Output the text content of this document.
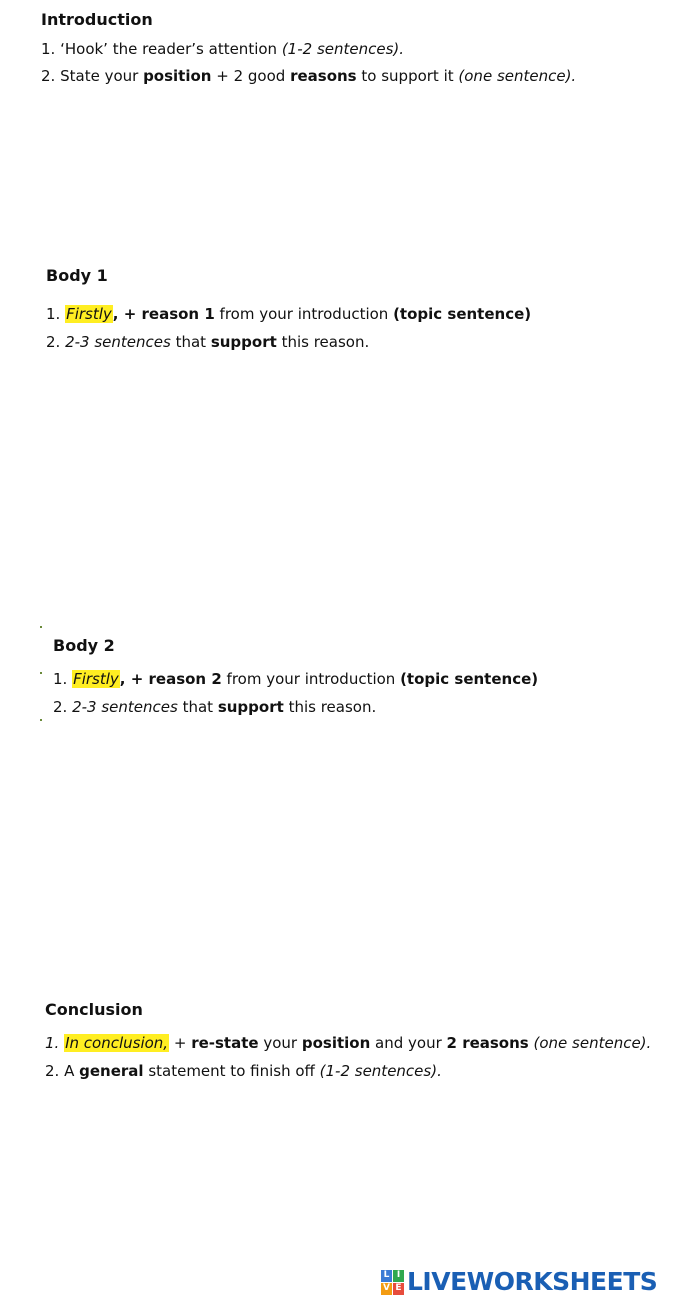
Introduction
1. ‘Hook’ the reader’s attention (1-2 sentences).
2. State your position + 2 good reasons to support it (one sentence).
Body 1
1. Firstly, + reason 1 from your introduction (topic sentence)
2. 2-3 sentences that support this reason.
Body 2
1. Firstly, + reason 2 from your introduction (topic sentence)
2. 2-3 sentences that support this reason.
Conclusion
1. In conclusion, + re-state your position and your 2 reasons (one sentence).
2. A general statement to finish off (1-2 sentences).
L I
V E LIVEWORKSHEETS
